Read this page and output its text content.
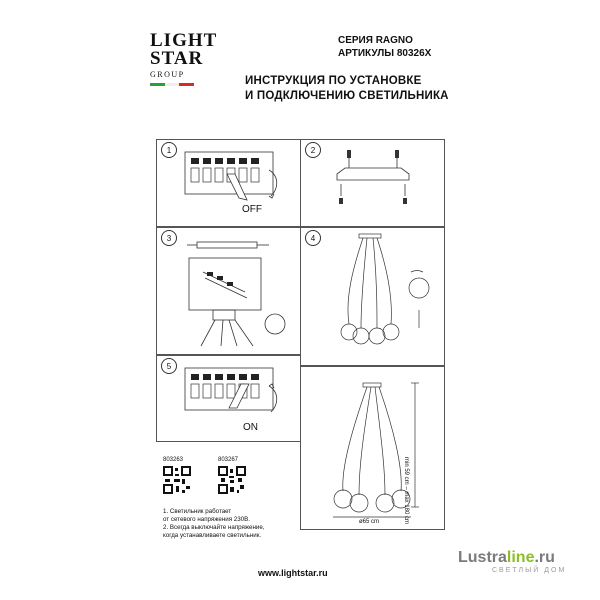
LIGHT
STAR
GROUP
СЕРИЯ RAGNO
АРТИКУЛЫ 80326X
ИНСТРУКЦИЯ ПО УСТАНОВКЕ
И ПОДКЛЮЧЕНИЮ СВЕТИЛЬНИКА
1
OFF
2
3	4
5
ON
min 59 cm – max 180 cm
ø65 cm
803263	803267
1. Светильник работает
от сетевого напряжения 230В.
2. Всегда выключайте напряжение,
когда устанавливаете светильник.
www.lightstar.ru
Lustraline.ru
СВЕТЛЫЙ ДОМ
